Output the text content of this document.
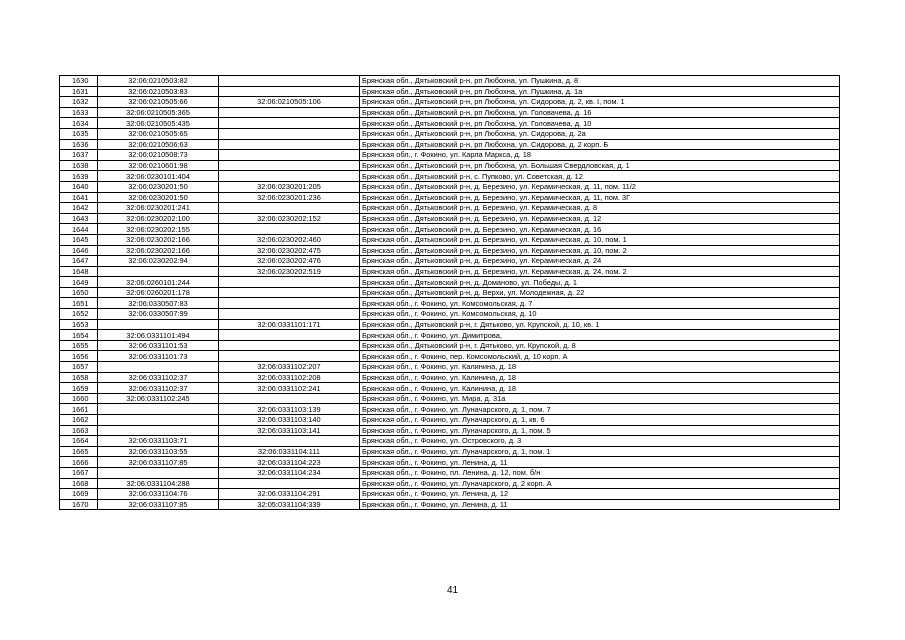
1630	32:06:0210503:82		Брянская обл., Дятьковский р-н, рп Любохна, ул. Пушкина, д. 8
1631	32:06:0210503:83		Брянская обл., Дятьковский р-н, рп Любохна, ул. Пушкина, д. 1а
1632	32:06:0210505:66	32:06:0210505:106	Брянская обл., Дятьковский р-н, рп Любохна, ул. Сидорова, д. 2, кв. I, пом. 1
1633	32:06:0210505:365		Брянская обл., Дятьковский р-н, рп Любохна, ул. Головачева, д. 16
1634	32:06:0210505:435		Брянская обл., Дятьковский р-н, рп Любохна, ул. Головачева, д. 10
1635	32:06:0210505:65		Брянская обл., Дятьковский р-н, рп Любохна, ул. Сидорова, д. 2а
1636	32:06:0210506:63		Брянская обл., Дятьковский р-н, рп Любохна, ул. Сидорова, д. 2 корп. Б
1637	32:06:0210508:73		Брянская обл., г. Фокино, ул. Карла Маркса, д. 18
1638	32:06:0210601:98		Брянская обл., Дятьковский р-н, рп Любохна, ул. Большая Свердловская, д. 1
1639	32:06:0230101:404		Брянская обл., Дятьковский р-н, с. Пупково, ул. Советская, д. 12
1640	32:06:0230201:50	32:06:0230201:205	Брянская обл., Дятьковский р-н, д. Березино, ул. Керамическая, д. 11, пом. 11/2
1641	32:06:0230201:50	32:06:0230201:236	Брянская обл., Дятьковский р-н, д. Березино, ул. Керамическая, д. 11, пом. 3Г
1642	32:06:0230201:241		Брянская обл., Дятьковский р-н, д. Березино, ул. Керамическая, д. 8
1643	32:06:0230202:100	32:06:0230202:152	Брянская обл., Дятьковский р-н, д. Березино, ул. Керамическая, д. 12
1644	32:06:0230202:155		Брянская обл., Дятьковский р-н, д. Березино, ул. Керамическая, д. 16
1645	32:06:0230202:166	32:06:0230202:460	Брянская обл., Дятьковский р-н, д. Березино, ул. Керамическая, д. 10, пом. 1
1646	32:06:0230202:166	32:06:0230202:475	Брянская обл., Дятьковский р-н, д. Березино, ул. Керамическая, д. 10, пом. 2
1647	32:06:0230202:94	32:06:0230202:476	Брянская обл., Дятьковский р-н, д. Березино, ул. Керамическая, д. 24
1648		32:06:0230202:519	Брянская обл., Дятьковский р-н, д. Березино, ул. Керамическая, д. 24, пом. 2
1649	32:06:0260101:244		Брянская обл., Дятьковский р-н, д. Доманово, ул. Победы, д. 1
1650	32:06:0260201:178		Брянская обл., Дятьковский р-н, д. Верхи, ул. Молодежная, д. 22
1651	32:06:0330507:83		Брянская обл., г. Фокино, ул. Комсомольская, д. 7
1652	32:06:0330507:99		Брянская обл., г. Фокино, ул. Комсомольская, д. 10
1653		32:06:0331101:171	Брянская обл., Дятьковский р-н, г. Дятьково, ул. Крупской, д. 10, кв. 1
1654	32:06:0331101:494		Брянская обл., г. Фокино, ул. Димитрова,
1655	32:06:0331101:53		Брянская обл., Дятьковский р-н, г. Дятьково, ул. Крупской, д. 8
1656	32:06:0331101:73		Брянская обл., г. Фокино, пер. Комсомольский, д. 10 корп. А
1657		32:06:0331102:207	Брянская обл., г. Фокино, ул. Калинина, д. 18
1658	32:06:0331102:37	32:06:0331102:208	Брянская обл., г. Фокино, ул. Калинина, д. 18
1659	32:06:0331102:37	32:06:0331102:241	Брянская обл., г. Фокино, ул. Калинина, д. 18
1660	32:06:0331102:245		Брянская обл., г. Фокино, ул. Мира, д. 31а
1661		32:06:0331103:139	Брянская обл., г. Фокино, ул. Луначарского, д. 1, пом. 7
1662		32:06:0331103:140	Брянская обл., г. Фокино, ул. Луначарского, д. 1, кв. 6
1663		32:06:0331103:141	Брянская обл., г. Фокино, ул. Луначарского, д. 1, пом. 5
1664	32:06:0331103:71		Брянская обл., г. Фокино, ул. Островского, д. 3
1665	32:06:0331103:55	32:06:0331104:111	Брянская обл., г. Фокино, ул. Луначарского, д. 1, пом. 1
1666	32:06:0331107:85	32:06:0331104:223	Брянская обл., г. Фокино, ул. Ленина, д. 11
1667		32:06:0331104:234	Брянская обл., г. Фокино, пл. Ленина, д. 12, пом. б/н
1668	32:06:0331104:288		Брянская обл., г. Фокино, ул. Луначарского, д. 2 корп. А
1669	32:06:0331104:76	32:06:0331104:291	Брянская обл., г. Фокино, ул. Ленина, д. 12
1670	32:06:0331107:85	32:05:0331104:339	Брянская обл., г. Фокино, ул. Ленина, д. 11
41
